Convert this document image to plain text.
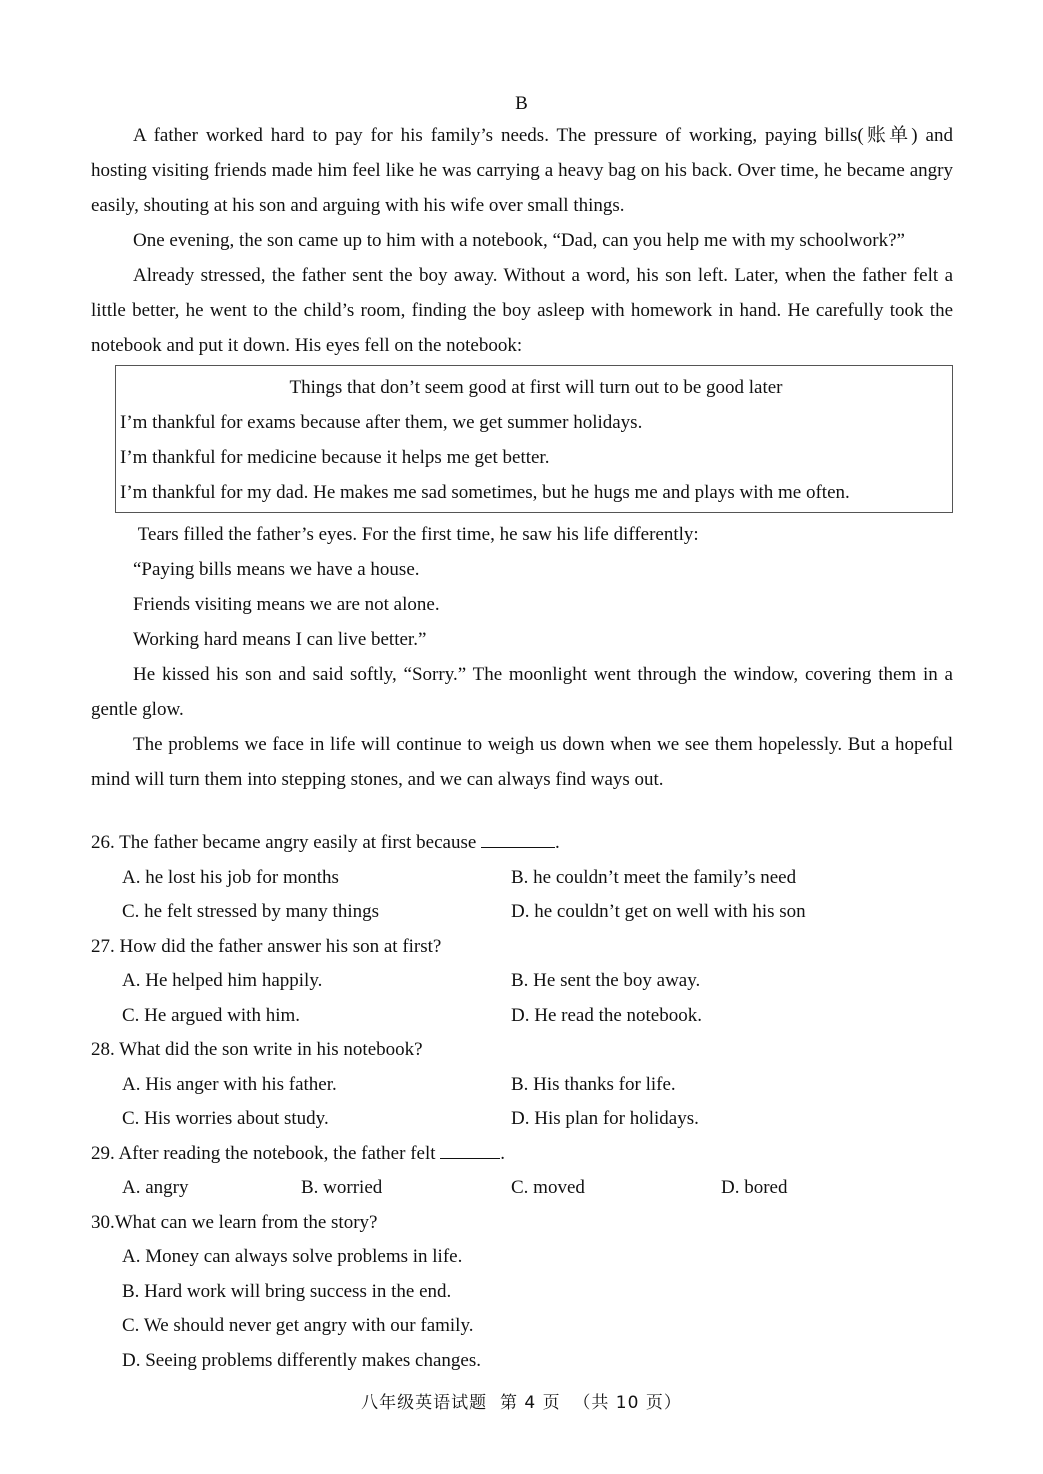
B

A father worked hard to pay for his family’s needs. The pressure of working, paying bills(账单) and hosting visiting friends made him feel like he was carrying a heavy bag on his back. Over time, he became angry easily, shouting at his son and arguing with his wife over small things.

One evening, the son came up to him with a notebook, “Dad, can you help me with my schoolwork?”

Already stressed, the father sent the boy away. Without a word, his son left. Later, when the father felt a little better, he went to the child’s room, finding the boy asleep with homework in hand. He carefully took the notebook and put it down. His eyes fell on the notebook:

Things that don’t seem good at first will turn out to be good later
I’m thankful for exams because after them, we get summer holidays.
I’m thankful for medicine because it helps me get better.
I’m thankful for my dad. He makes me sad sometimes, but he hugs me and plays with me often.

Tears filled the father’s eyes. For the first time, he saw his life differently:

“Paying bills means we have a house.
Friends visiting means we are not alone.
Working hard means I can live better.”

He kissed his son and said softly, “Sorry.” The moonlight went through the window, covering them in a gentle glow.

The problems we face in life will continue to weigh us down when we see them hopelessly. But a hopeful mind will turn them into stepping stones, and we can always find ways out.

26. The father became angry easily at first because	.
A. he lost his job for months	B. he couldn’t meet the family’s need
C. he felt stressed by many things	D. he couldn’t get on well with his son
27. How did the father answer his son at first?
A. He helped him happily.	B. He sent the boy away.
C. He argued with him.	D. He read the notebook.
28. What did the son write in his notebook?
A. His anger with his father.	B. His thanks for life.
C. His worries about study.	D. His plan for holidays.
29. After reading the notebook, the father felt	.
A. angry	B. worried	C. moved	D. bored
30.What can we learn from the story?
A. Money can always solve problems in life.
B. Hard work will bring success in the end.
C. We should never get angry with our family.
D. Seeing problems differently makes changes.
八年级英语试题  第 4 页  （共 10 页）
